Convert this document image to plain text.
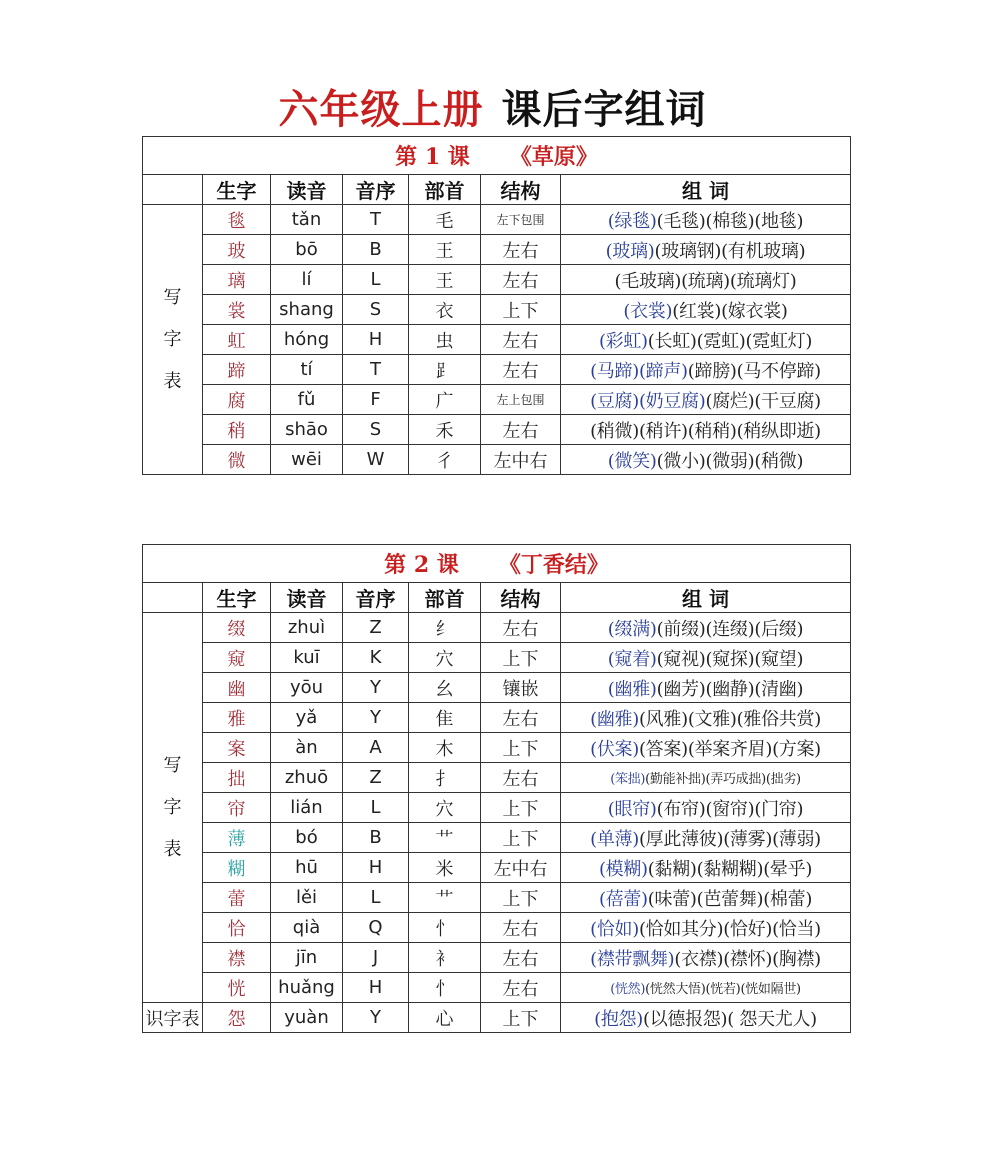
六年级上册 课后字组词
第 1 课 《草原》						
	生字	读音	音序	部首	结构	组 词

写
字
表	毯	tǎn	T	毛	左下包围	(绿毯)(毛毯)(棉毯)(地毯)
	玻	bō	B	王	左右	(玻璃)(玻璃钢)(有机玻璃)
	璃	lí	L	王	左右	(毛玻璃)(琉璃)(琉璃灯)
	裳	shang	S	衣	上下	(衣裳)(红裳)(嫁衣裳)
	虹	hóng	H	虫	左右	(彩虹)(长虹)(霓虹)(霓虹灯)
	蹄	tí	T	⻊	左右	(马蹄)(蹄声)(蹄膀)(马不停蹄)
	腐	fǔ	F	广	左上包围	(豆腐)(奶豆腐)(腐烂)(干豆腐)
	稍	shāo	S	禾	左右	(稍微)(稍许)(稍稍)(稍纵即逝)
	微	wēi	W	彳	左中右	(微笑)(微小)(微弱)(稍微)
第 2 课 《丁香结》						
	生字	读音	音序	部首	结构	组 词

写
字
表	缀	zhuì	Z	纟	左右	(缀满)(前缀)(连缀)(后缀)
	窥	kuī	K	穴	上下	(窥着)(窥视)(窥探)(窥望)
	幽	yōu	Y	幺	镶嵌	(幽雅)(幽芳)(幽静)(清幽)
	雅	yǎ	Y	隹	左右	(幽雅)(风雅)(文雅)(雅俗共赏)
	案	àn	A	木	上下	(伏案)(答案)(举案齐眉)(方案)
	拙	zhuō	Z	扌	左右	(笨拙)(勤能补拙)(弄巧成拙)(拙劣)
	帘	lián	L	穴	上下	(眼帘)(布帘)(窗帘)(门帘)
	薄	bó	B	艹	上下	(单薄)(厚此薄彼)(薄雾)(薄弱)
	糊	hū	H	米	左中右	(模糊)(黏糊)(黏糊糊)(晕乎)
	蕾	lěi	L	艹	上下	(蓓蕾)(味蕾)(芭蕾舞)(棉蕾)
	恰	qià	Q	忄	左右	(恰如)(恰如其分)(恰好)(恰当)
	襟	jīn	J	衤	左右	(襟带飘舞)(衣襟)(襟怀)(胸襟)
	恍	huǎng	H	忄	左右	(恍然)(恍然大悟)(恍若)(恍如隔世)
识字表	怨	yuàn	Y	心	上下	(抱怨)(以德报怨)( 怨天尤人)
